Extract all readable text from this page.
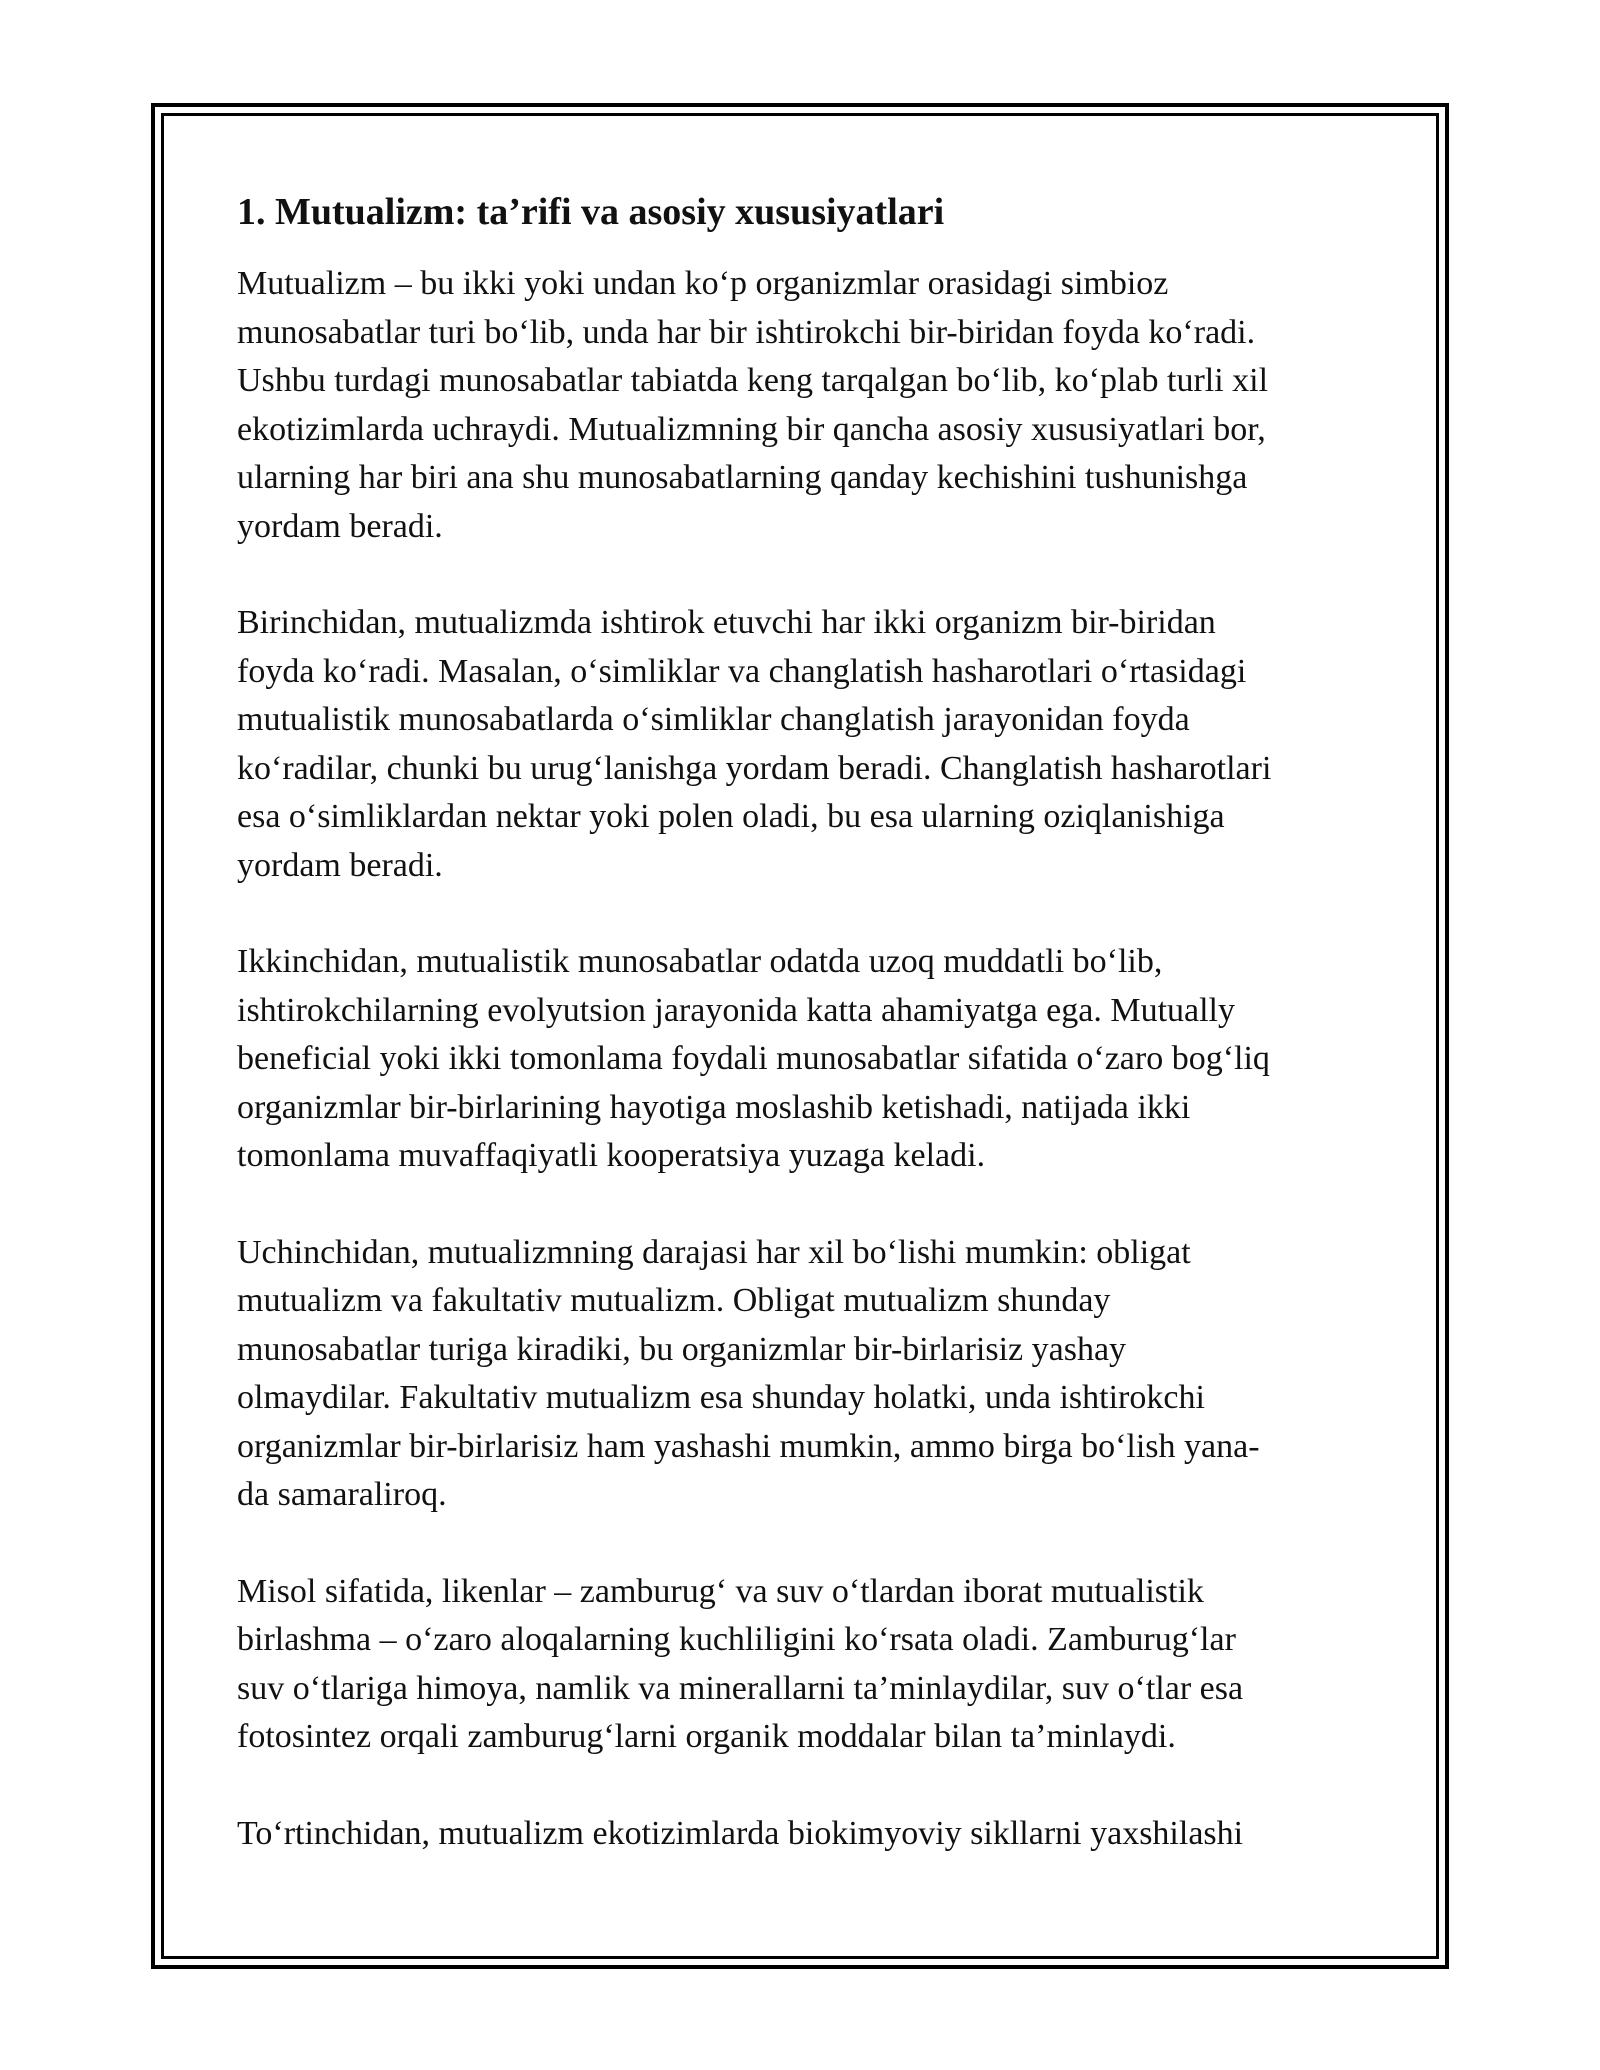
1. Mutualizm: ta’rifi va asosiy xususiyatlari

Mutualizm – bu ikki yoki undan koʻp organizmlar orasidagi simbioz
munosabatlar turi boʻlib, unda har bir ishtirokchi bir-biridan foyda koʻradi.
Ushbu turdagi munosabatlar tabiatda keng tarqalgan boʻlib, koʻplab turli xil
ekotizimlarda uchraydi. Mutualizmning bir qancha asosiy xususiyatlari bor,
ularning har biri ana shu munosabatlarning qanday kechishini tushunishga
yordam beradi.

Birinchidan, mutualizmda ishtirok etuvchi har ikki organizm bir-biridan
foyda koʻradi. Masalan, oʻsimliklar va changlatish hasharotlari oʻrtasidagi
mutualistik munosabatlarda oʻsimliklar changlatish jarayonidan foyda
koʻradilar, chunki bu urugʻlanishga yordam beradi. Changlatish hasharotlari
esa oʻsimliklardan nektar yoki polen oladi, bu esa ularning oziqlanishiga
yordam beradi.

Ikkinchidan, mutualistik munosabatlar odatda uzoq muddatli boʻlib,
ishtirokchilarning evolyutsion jarayonida katta ahamiyatga ega. Mutually
beneficial yoki ikki tomonlama foydali munosabatlar sifatida oʻzaro bogʻliq
organizmlar bir-birlarining hayotiga moslashib ketishadi, natijada ikki
tomonlama muvaffaqiyatli kooperatsiya yuzaga keladi.

Uchinchidan, mutualizmning darajasi har xil boʻlishi mumkin: obligat
mutualizm va fakultativ mutualizm. Obligat mutualizm shunday
munosabatlar turiga kiradiki, bu organizmlar bir-birlarisiz yashay
olmaydilar. Fakultativ mutualizm esa shunday holatki, unda ishtirokchi
organizmlar bir-birlarisiz ham yashashi mumkin, ammo birga boʻlish yana-
da samaraliroq.

Misol sifatida, likenlar – zamburugʻ va suv oʻtlardan iborat mutualistik
birlashma – oʻzaro aloqalarning kuchliligini koʻrsata oladi. Zamburugʻlar
suv oʻtlariga himoya, namlik va minerallarni ta’minlaydilar, suv oʻtlar esa
fotosintez orqali zamburugʻlarni organik moddalar bilan ta’minlaydi.

Toʻrtinchidan, mutualizm ekotizimlarda biokimyoviy sikllarni yaxshilashi
